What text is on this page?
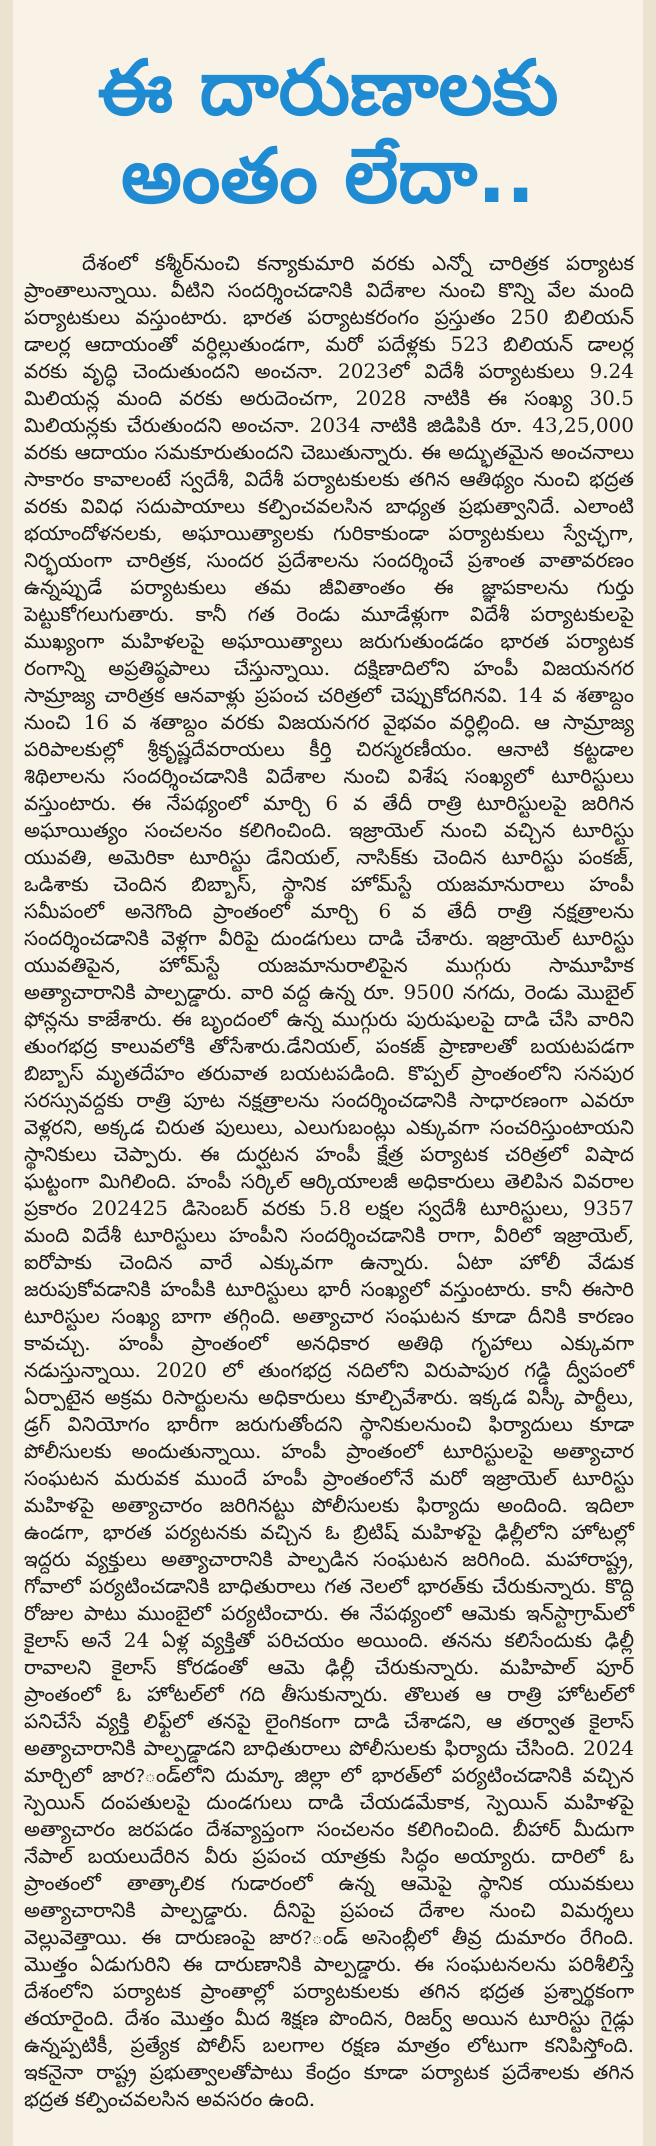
ఈ దారుణాలకు
అంతం లేదా..
దేశంలో కశ్మీర్‌నుంచి కన్యాకుమారి వరకు ఎన్నో చారిత్రక పర్యాటక
ప్రాంతాలున్నాయి. వీటిని సందర్శించడానికి విదేశాల నుంచి కొన్ని వేల మంది
పర్యాటకులు వస్తుంటారు. భారత పర్యాటకరంగం ప్రస్తుతం 250 బిలియన్
డాలర్ల ఆదాయంతో వర్ధిల్లుతుండగా, మరో పదేళ్లకు 523 బిలియన్ డాలర్ల
వరకు వృద్ధి చెందుతుందని అంచనా. 2023లో విదేశీ పర్యాటకులు 9.24
మిలియన్ల మంది వరకు అరుదెంచగా, 2028 నాటికి ఈ సంఖ్య 30.5
మిలియన్లకు చేరుతుందని అంచనా. 2034 నాటికి జిడిపికి రూ. 43,25,000
వరకు ఆదాయం సమకూరుతుందని చెబుతున్నారు. ఈ అద్భుతమైన అంచనాలు
సాకారం కావాలంటే స్వదేశీ, విదేశీ పర్యాటకులకు తగిన ఆతిథ్యం నుంచి భద్రత
వరకు వివిధ సదుపాయాలు కల్పించవలసిన బాధ్యత ప్రభుత్వానిదే. ఎలాంటి
భయాందోళనలకు, అఘాయిత్యాలకు గురికాకుండా పర్యాటకులు స్వేచ్ఛగా,
నిర్భయంగా చారిత్రక, సుందర ప్రదేశాలను సందర్శించే ప్రశాంత వాతావరణం
ఉన్నప్పుడే పర్యాటకులు తమ జీవితాంతం ఈ జ్ఞాపకాలను గుర్తు
పెట్టుకోగలుగుతారు. కానీ గత రెండు మూడేళ్లుగా విదేశీ పర్యాటకులపై
ముఖ్యంగా మహిళలపై అఘాయిత్యాలు జరుగుతుండడం భారత పర్యాటక
రంగాన్ని అప్రతిష్ఠపాలు చేస్తున్నాయి. దక్షిణాదిలోని హంపీ విజయనగర
సామ్రాజ్య చారిత్రక ఆనవాళ్లు ప్రపంచ చరిత్రలో చెప్పుకోదగినవి. 14 వ శతాబ్దం
నుంచి 16 వ శతాబ్దం వరకు విజయనగర వైభవం వర్ధిల్లింది. ఆ సామ్రాజ్య
పరిపాలకుల్లో శ్రీకృష్ణదేవరాయలు కీర్తి చిరస్మరణీయం. ఆనాటి కట్టడాల
శిథిలాలను సందర్శించడానికి విదేశాల నుంచి విశేష సంఖ్యలో టూరిస్టులు
వస్తుంటారు. ఈ నేపథ్యంలో మార్చి 6 వ తేదీ రాత్రి టూరిస్టులపై జరిగిన
అఘాయిత్యం సంచలనం కలిగించింది. ఇజ్రాయెల్ నుంచి వచ్చిన టూరిస్టు
యువతి, అమెరికా టూరిస్టు డేనియల్, నాసిక్‌కు చెందిన టూరిస్టు పంకజ్,
ఒడిశాకు చెందిన బిబ్బాస్, స్థానిక హోమ్‌స్టే యజమానురాలు హంపీ
సమీపంలో అనెగొంది ప్రాంతంలో మార్చి 6 వ తేదీ రాత్రి నక్షత్రాలను
సందర్శించడానికి వెళ్లగా వీరిపై దుండగులు దాడి చేశారు. ఇజ్రాయెల్ టూరిస్టు
యువతిపైన, హోమ్‌స్టే యజమానురాలిపైన ముగ్గురు సామూహిక
అత్యాచారానికి పాల్పడ్డారు. వారి వద్ద ఉన్న రూ. 9500 నగదు, రెండు మొబైల్
ఫోన్లను కాజేశారు. ఈ బృందంలో ఉన్న ముగ్గురు పురుషులపై దాడి చేసి వారిని
తుంగభద్ర కాలువలోకి తోసేశారు.డేనియల్, పంకజ్ ప్రాణాలతో బయటపడగా
బిబ్బాస్ మృతదేహం తరువాత బయటపడింది. కొప్పల్ ప్రాంతంలోని సనపుర
సరస్సువద్దకు రాత్రి పూట నక్షత్రాలను సందర్శించడానికి సాధారణంగా ఎవరూ
వెళ్లరని, అక్కడ చిరుత పులులు, ఎలుగుబంట్లు ఎక్కువగా సంచరిస్తుంటాయని
స్థానికులు చెప్పారు. ఈ దుర్ఘటన హంపీ క్షేత్ర పర్యాటక చరిత్రలో విషాద
ఘట్టంగా మిగిలింది. హంపీ సర్కిల్ ఆర్కియాలజీ అధికారులు తెలిపిన వివరాల
ప్రకారం 202425 డిసెంబర్ వరకు 5.8 లక్షల స్వదేశీ టూరిస్టులు, 9357
మంది విదేశీ టూరిస్టులు హంపీని సందర్శించడానికి రాగా, వీరిలో ఇజ్రాయెల్,
ఐరోపాకు చెందిన వారే ఎక్కువగా ఉన్నారు. ఏటా హోలీ వేడుక
జరుపుకోవడానికి హంపీకి టూరిస్టులు భారీ సంఖ్యలో వస్తుంటారు. కానీ ఈసారి
టూరిస్టుల సంఖ్య బాగా తగ్గింది. అత్యాచార సంఘటన కూడా దీనికి కారణం
కావచ్చు. హంపీ ప్రాంతంలో అనధికార అతిథి గృహాలు ఎక్కువగా
నడుస్తున్నాయి. 2020 లో తుంగభద్ర నదిలోని విరుపాపుర గడ్డి ద్వీపంలో
ఏర్పాటైన అక్రమ రిసార్టులను అధికారులు కూల్చివేశారు. ఇక్కడ విస్కీ పార్టీలు,
డ్రగ్ వినియోగం భారీగా జరుగుతోందని స్థానికులనుంచి ఫిర్యాదులు కూడా
పోలీసులకు అందుతున్నాయి. హంపీ ప్రాంతంలో టూరిస్టులపై అత్యాచార
సంఘటన మరువక ముందే హంపీ ప్రాంతంలోనే మరో ఇజ్రాయెల్ టూరిస్టు
మహిళపై అత్యాచారం జరిగినట్టు పోలీసులకు ఫిర్యాదు అందింది. ఇదిలా
ఉండగా, భారత పర్యటనకు వచ్చిన ఓ బ్రిటిష్ మహిళపై ఢిల్లీలోని హోటల్లో
ఇద్దరు వ్యక్తులు అత్యాచారానికి పాల్పడిన సంఘటన జరిగింది. మహారాష్ట్ర,
గోవాలో పర్యటించడానికి బాధితురాలు గత నెలలో భారత్‌కు చేరుకున్నారు. కొద్ది
రోజుల పాటు ముంబైలో పర్యటించారు. ఈ నేపథ్యంలో ఆమెకు ఇన్‌స్టాగ్రామ్‌లో
కైలాస్ అనే 24 ఏళ్ల వ్యక్తితో పరిచయం అయింది. తనను కలిసేందుకు ఢిల్లీ
రావాలని కైలాస్ కోరడంతో ఆమె ఢిల్లీ చేరుకున్నారు. మహిపాల్ పూర్
ప్రాంతంలో ఓ హోటల్‌లో గది తీసుకున్నారు. తొలుత ఆ రాత్రి హోటల్‌లో
పనిచేసే వ్యక్తి లిఫ్ట్‌లో తనపై లైంగికంగా దాడి చేశాడని, ఆ తర్వాత కైలాస్
అత్యాచారానికి పాల్పడ్డాడని బాధితురాలు పోలీసులకు ఫిర్యాదు చేసింది. 2024
మార్చిలో జార?ండ్‌లోని దుమ్కా జిల్లా లో భారత్‌లో పర్యటించడానికి వచ్చిన
స్పెయిన్ దంపతులపై దుండగులు దాడి చేయడమేకాక, స్పెయిన్ మహిళపై
అత్యాచారం జరపడం దేశవ్యాప్తంగా సంచలనం కలిగించింది. బీహార్ మీదుగా
నేపాల్ బయలుదేరిన వీరు ప్రపంచ యాత్రకు సిద్ధం అయ్యారు. దారిలో ఓ
ప్రాంతంలో తాత్కాలిక గుడారంలో ఉన్న ఆమెపై స్థానిక యువకులు
అత్యాచారానికి పాల్పడ్డారు. దీనిపై ప్రపంచ దేశాల నుంచి విమర్శలు
వెల్లువెత్తాయి. ఈ దారుణంపై జార?ండ్ అసెంబ్లీలో తీవ్ర దుమారం రేగింది.
మొత్తం ఏడుగురిని ఈ దారుణానికి పాల్పడ్డారు. ఈ సంఘటనలను పరిశీలిస్తే
దేశంలోని పర్యాటక ప్రాంతాల్లో పర్యాటకులకు తగిన భద్రత ప్రశ్నార్థకంగా
తయారైంది. దేశం మొత్తం మీద శిక్షణ పొందిన, రిజర్వ్ అయిన టూరిస్టు గైడ్లు
ఉన్నప్పటికీ, ప్రత్యేక పోలీస్ బలగాల రక్షణ మాత్రం లోటుగా కనిపిస్తోంది.
ఇకనైనా రాష్ట్ర ప్రభుత్వాలతోపాటు కేంద్రం కూడా పర్యాటక ప్రదేశాలకు తగిన
భద్రత కల్పించవలసిన అవసరం ఉంది.
